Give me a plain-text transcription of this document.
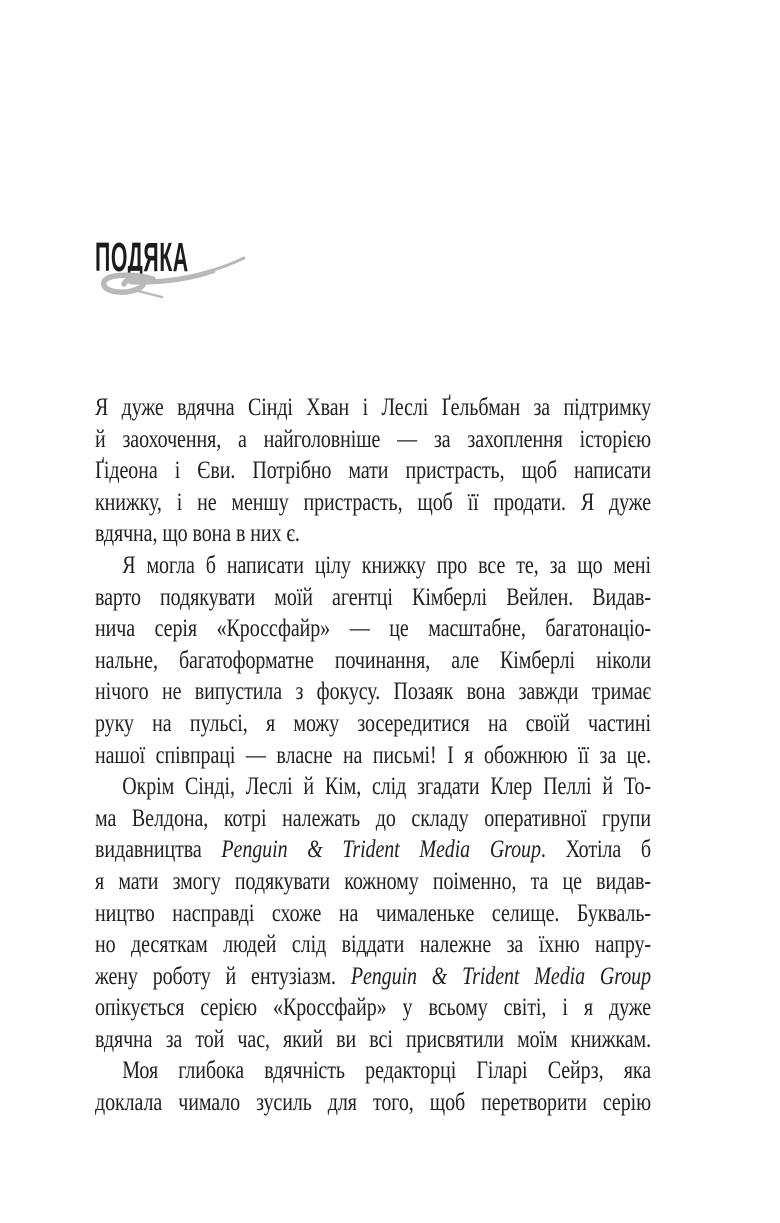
ПОДЯКА
Я дуже вдячна Сінді Хван і Леслі Ґельбман за підтримку
й заохочення, а найголовніше — за захоплення історією
Ґідеона і Єви. Потрібно мати пристрасть, щоб написати
книжку, і не меншу пристрасть, щоб її продати. Я дуже
вдячна, що вона в них є.
Я могла б написати цілу книжку про все те, за що мені
варто подякувати моїй агентці Кімберлі Вейлен. Видав-
нича серія «Кроссфайр» — це масштабне, багатонаціо-
нальне, багатоформатне починання, але Кімберлі ніколи
нічого не випустила з фокусу. Позаяк вона завжди тримає
руку на пульсі, я можу зосередитися на своїй частині
нашої співпраці — власне на письмі! І я обожнюю її за це.
Окрім Сінді, Леслі й Кім, слід згадати Клер Пеллі й То-
ма Велдона, котрі належать до складу оперативної групи
видавництва Penguin & Trident Media Group. Хотіла б
я мати змогу подякувати кожному поіменно, та це видав-
ництво насправді схоже на чималеньке селище. Букваль-
но десяткам людей слід віддати належне за їхню напру-
жену роботу й ентузіазм. Penguin & Trident Media Group
опікується серією «Кроссфайр» у всьому світі, і я дуже
вдячна за той час, який ви всі присвятили моїм книжкам.
Моя глибока вдячність редакторці Гіларі Сейрз, яка
доклала чимало зусиль для того, щоб перетворити серію
